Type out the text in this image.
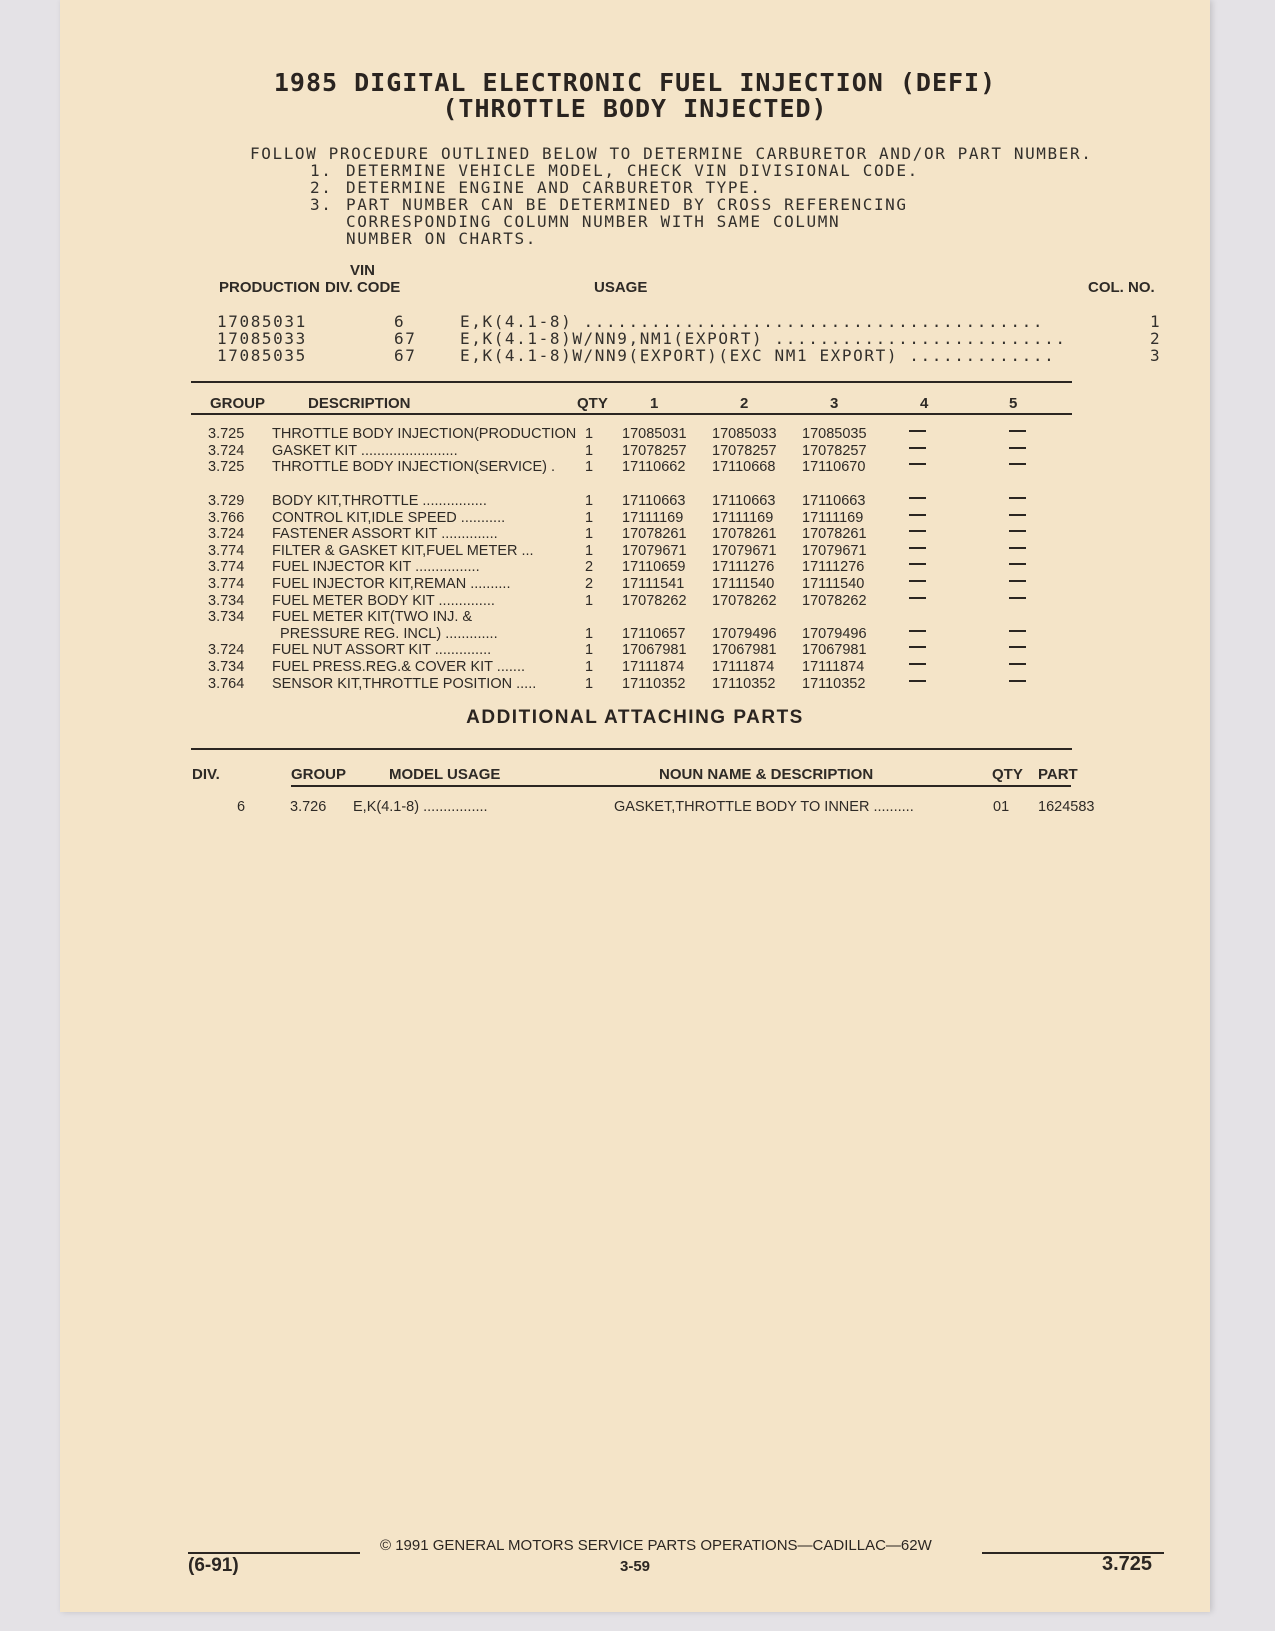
1985 DIGITAL ELECTRONIC FUEL INJECTION (DEFI)
(THROTTLE BODY INJECTED)
FOLLOW PROCEDURE OUTLINED BELOW TO DETERMINE CARBURETOR AND/OR PART NUMBER.
1. DETERMINE VEHICLE MODEL, CHECK VIN DIVISIONAL CODE.
2. DETERMINE ENGINE AND CARBURETOR TYPE.
3. PART NUMBER CAN BE DETERMINED BY CROSS REFERENCING
CORRESPONDING COLUMN NUMBER WITH SAME COLUMN
NUMBER ON CHARTS.
VIN
PRODUCTION DIV. CODE	USAGE	COL. NO.
17085031	6	E,K(4.1-8) .........................................	1
17085033	67	E,K(4.1-8)W/NN9,NM1(EXPORT) ..........................	2
17085035	67	E,K(4.1-8)W/NN9(EXPORT)(EXC NM1 EXPORT) .............	3
GROUP	DESCRIPTION	QTY	1	2	3	4	5
3.725 THROTTLE BODY INJECTION(PRODUCTION 1 17085031 17085033 17085035
3.724 GASKET KIT ........................	1 17078257 17078257 17078257
3.725 THROTTLE BODY INJECTION(SERVICE) . 1 17110662 17110668 17110670
3.729 BODY KIT,THROTTLE ................	1 17110663 17110663 17110663
3.766 CONTROL KIT,IDLE SPEED ...........	1 17111169 17111169 17111169
3.724 FASTENER ASSORT KIT ..............	1 17078261 17078261 17078261
3.774 FILTER & GASKET KIT,FUEL METER ...	1 17079671 17079671 17079671
3.774 FUEL INJECTOR KIT ................	2 17110659 17111276 17111276
3.774 FUEL INJECTOR KIT,REMAN ..........	2 17111541 17111540 17111540
3.734 FUEL METER BODY KIT ..............	1 17078262 17078262 17078262
3.734 FUEL METER KIT(TWO INJ. &
PRESSURE REG. INCL) .............	1 17110657 17079496 17079496
3.724 FUEL NUT ASSORT KIT ..............	1 17067981 17067981 17067981
3.734 FUEL PRESS.REG.& COVER KIT .......	1 17111874 17111874 17111874
3.764 SENSOR KIT,THROTTLE POSITION .....	1 17110352 17110352 17110352
ADDITIONAL ATTACHING PARTS
DIV.	GROUP	MODEL USAGE	NOUN NAME & DESCRIPTION	QTY PART
6	3.726 E,K(4.1-8) ................	GASKET,THROTTLE BODY TO INNER ..........	01 1624583
© 1991 GENERAL MOTORS SERVICE PARTS OPERATIONS—CADILLAC—62W
(6-91)	3-59	3.725
